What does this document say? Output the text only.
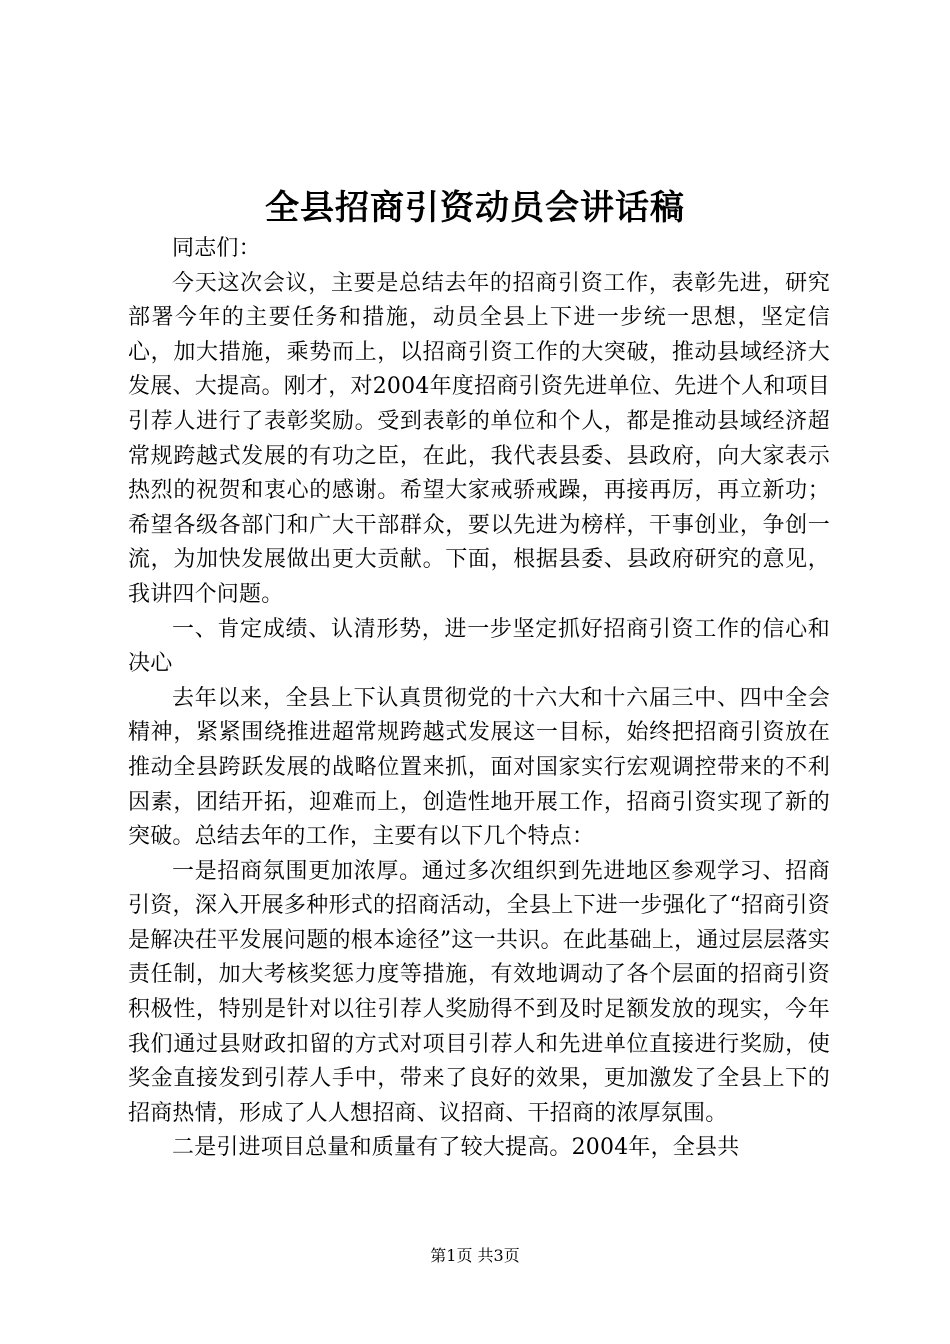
全县招商引资动员会讲话稿

同志们：

今天这次会议，主要是总结去年的招商引资工作，表彰先进，研究部署今年的主要任务和措施，动员全县上下进一步统一思想，坚定信心，加大措施，乘势而上，以招商引资工作的大突破，推动县域经济大发展、大提高。刚才，对2004年度招商引资先进单位、先进个人和项目引荐人进行了表彰奖励。受到表彰的单位和个人，都是推动县域经济超常规跨越式发展的有功之臣，在此，我代表县委、县政府，向大家表示热烈的祝贺和衷心的感谢。希望大家戒骄戒躁，再接再厉，再立新功；希望各级各部门和广大干部群众，要以先进为榜样，干事创业，争创一流，为加快发展做出更大贡献。下面，根据县委、县政府研究的意见，我讲四个问题。

一、肯定成绩、认清形势，进一步坚定抓好招商引资工作的信心和决心

去年以来，全县上下认真贯彻党的十六大和十六届三中、四中全会精神，紧紧围绕推进超常规跨越式发展这一目标，始终把招商引资放在推动全县跨跃发展的战略位置来抓，面对国家实行宏观调控带来的不利因素，团结开拓，迎难而上，创造性地开展工作，招商引资实现了新的突破。总结去年的工作，主要有以下几个特点：

一是招商氛围更加浓厚。通过多次组织到先进地区参观学习、招商引资，深入开展多种形式的招商活动，全县上下进一步强化了“招商引资是解决茌平发展问题的根本途径”这一共识。在此基础上，通过层层落实责任制，加大考核奖惩力度等措施，有效地调动了各个层面的招商引资积极性，特别是针对以往引荐人奖励得不到及时足额发放的现实，今年我们通过县财政扣留的方式对项目引荐人和先进单位直接进行奖励，使奖金直接发到引荐人手中，带来了良好的效果，更加激发了全县上下的招商热情，形成了人人想招商、议招商、干招商的浓厚氛围。

二是引进项目总量和质量有了较大提高。2004年，全县共

第1页 共3页
